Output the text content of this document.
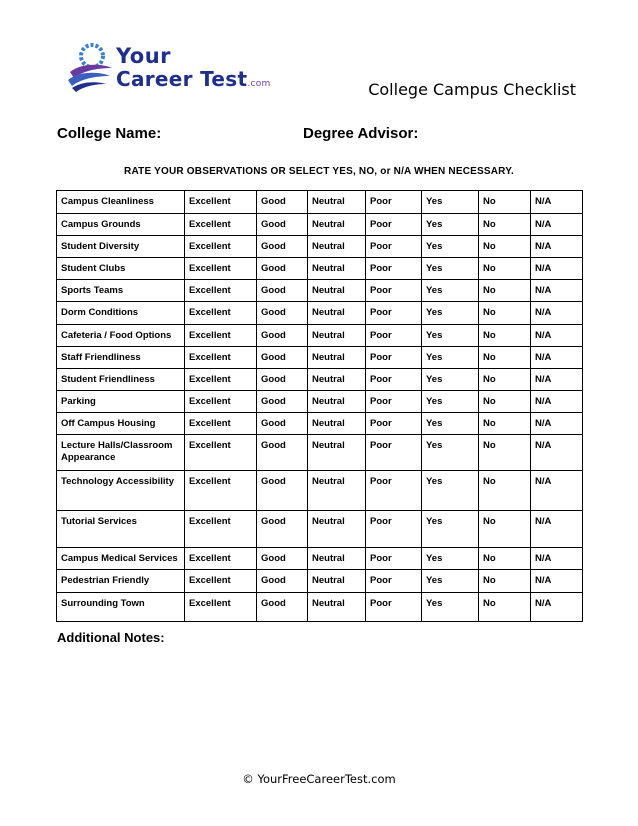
Your
Career Test.com	College Campus Checklist
College Name:	Degree Advisor:
RATE YOUR OBSERVATIONS OR SELECT YES, NO, or N/A WHEN NECESSARY.
Campus Cleanliness	Excellent	Good	Neutral	Poor	Yes	No	N/A
Campus Grounds	Excellent	Good	Neutral	Poor	Yes	No	N/A
Student Diversity	Excellent	Good	Neutral	Poor	Yes	No	N/A
Student Clubs	Excellent	Good	Neutral	Poor	Yes	No	N/A
Sports Teams	Excellent	Good	Neutral	Poor	Yes	No	N/A
Dorm Conditions	Excellent	Good	Neutral	Poor	Yes	No	N/A
Cafeteria / Food Options	Excellent	Good	Neutral	Poor	Yes	No	N/A
Staff Friendliness	Excellent	Good	Neutral	Poor	Yes	No	N/A
Student Friendliness	Excellent	Good	Neutral	Poor	Yes	No	N/A
Parking	Excellent	Good	Neutral	Poor	Yes	No	N/A
Off Campus Housing	Excellent	Good	Neutral	Poor	Yes	No	N/A
Lecture Halls/Classroom Appearance	Excellent	Good	Neutral	Poor	Yes	No	N/A
Technology Accessibility	Excellent	Good	Neutral	Poor	Yes	No	N/A
Tutorial Services	Excellent	Good	Neutral	Poor	Yes	No	N/A
Campus Medical Services	Excellent	Good	Neutral	Poor	Yes	No	N/A
Pedestrian Friendly	Excellent	Good	Neutral	Poor	Yes	No	N/A
Surrounding Town	Excellent	Good	Neutral	Poor	Yes	No	N/A
Additional Notes:
© YourFreeCareerTest.com
